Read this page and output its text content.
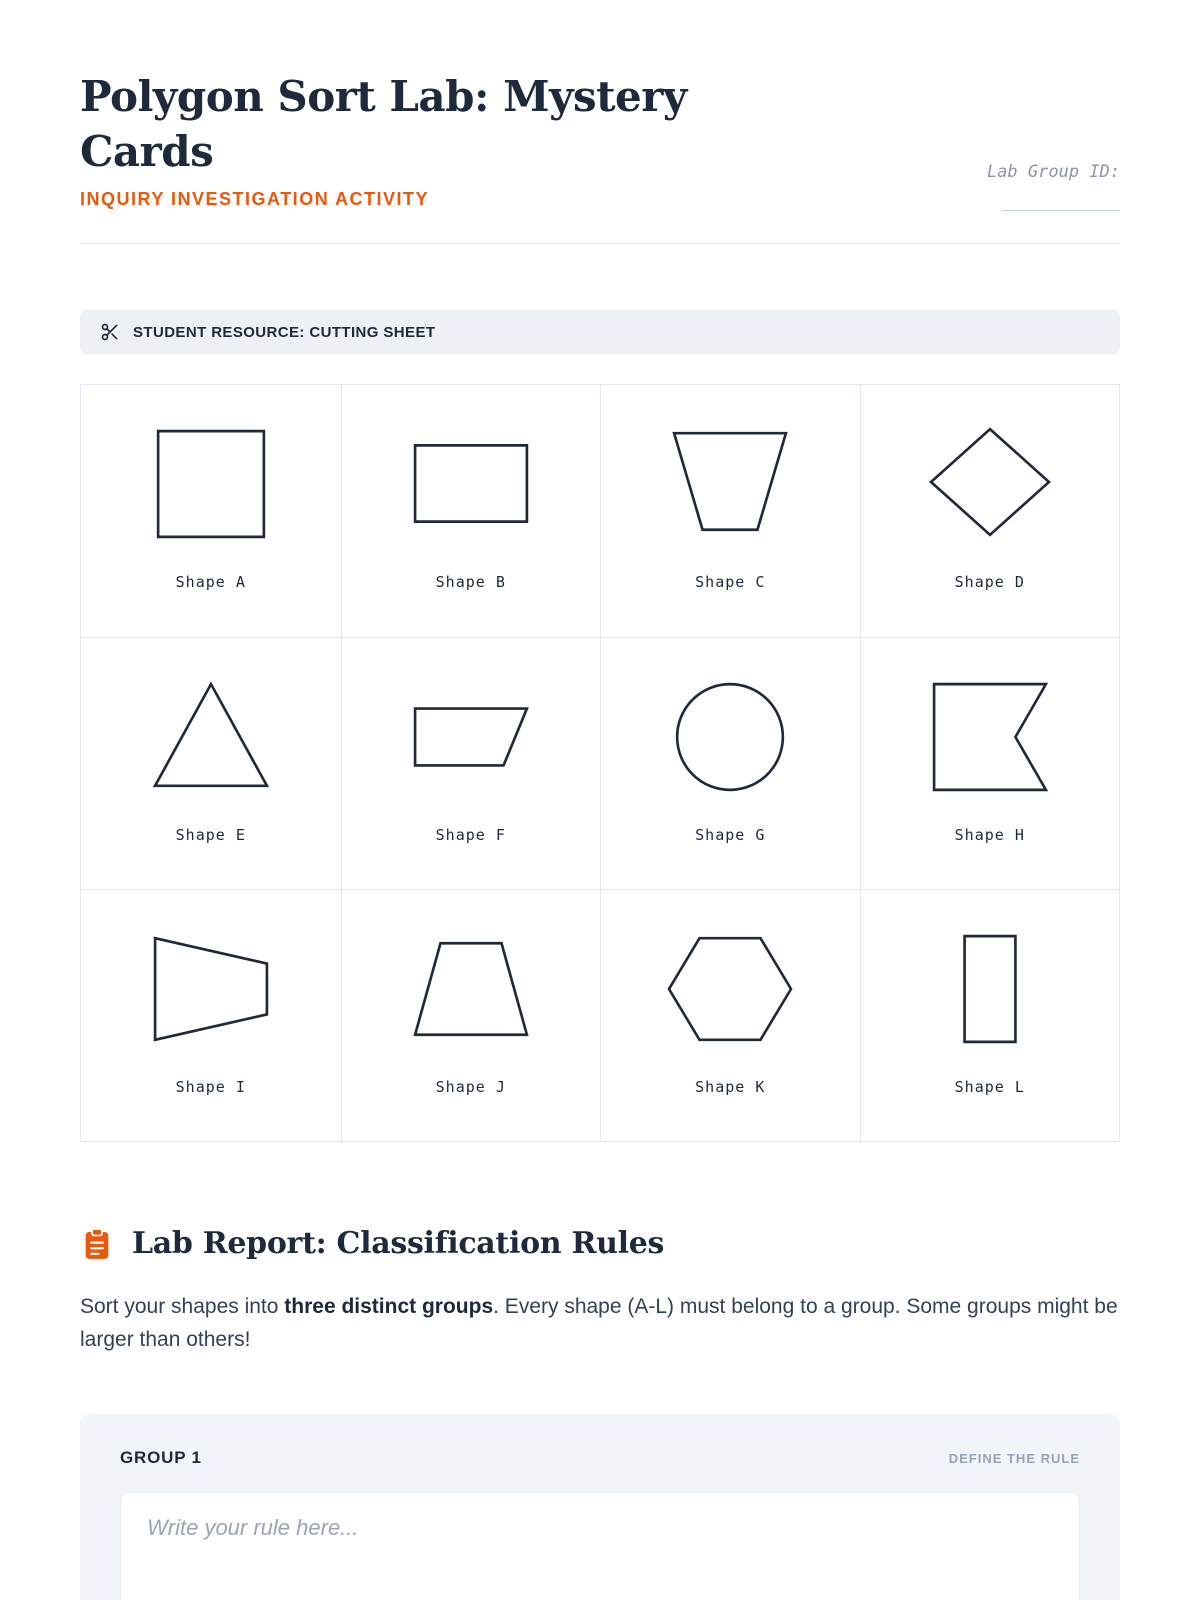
Polygon Sort Lab: Mystery Cards
INQUIRY INVESTIGATION ACTIVITY
Lab Group ID:
STUDENT RESOURCE: CUTTING SHEET
Shape A	Shape B	Shape C	Shape D
Shape E	Shape F	Shape G	Shape H
Shape I	Shape J	Shape K	Shape L
Lab Report: Classification Rules

Sort your shapes into three distinct groups. Every shape (A-L) must belong to a group. Some groups might be larger than others!

GROUP 1	DEFINE THE RULE
Write your rule here...
